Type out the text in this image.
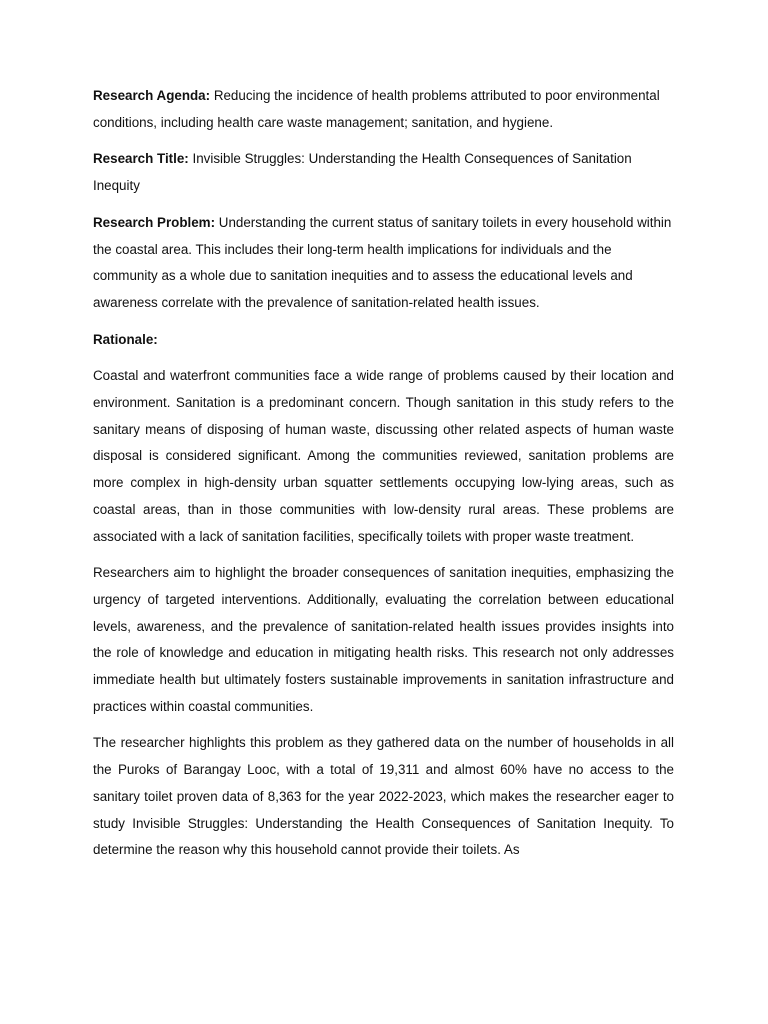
Research Agenda: Reducing the incidence of health problems attributed to poor environmental conditions, including health care waste management; sanitation, and hygiene.

Research Title: Invisible Struggles: Understanding the Health Consequences of Sanitation Inequity

Research Problem: Understanding the current status of sanitary toilets in every household within the coastal area. This includes their long-term health implications for individuals and the community as a whole due to sanitation inequities and to assess the educational levels and awareness correlate with the prevalence of sanitation-related health issues.

Rationale:

Coastal and waterfront communities face a wide range of problems caused by their location and environment. Sanitation is a predominant concern. Though sanitation in this study refers to the sanitary means of disposing of human waste, discussing other related aspects of human waste disposal is considered significant. Among the communities reviewed, sanitation problems are more complex in high-density urban squatter settlements occupying low-lying areas, such as coastal areas, than in those communities with low-density rural areas. These problems are associated with a lack of sanitation facilities, specifically toilets with proper waste treatment.

Researchers aim to highlight the broader consequences of sanitation inequities, emphasizing the urgency of targeted interventions. Additionally, evaluating the correlation between educational levels, awareness, and the prevalence of sanitation-related health issues provides insights into the role of knowledge and education in mitigating health risks. This research not only addresses immediate health but ultimately fosters sustainable improvements in sanitation infrastructure and practices within coastal communities.

The researcher highlights this problem as they gathered data on the number of households in all the Puroks of Barangay Looc, with a total of 19,311 and almost 60% have no access to the sanitary toilet proven data of 8,363 for the year 2022-2023, which makes the researcher eager to study Invisible Struggles: Understanding the Health Consequences of Sanitation Inequity. To determine the reason why this household cannot provide their toilets. As
